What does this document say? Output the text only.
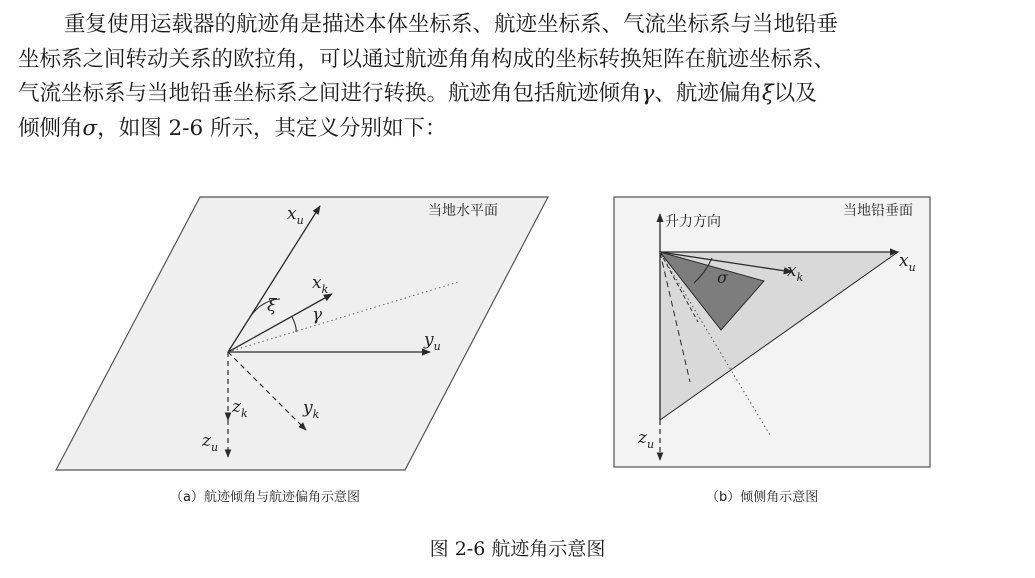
重复使用运载器的航迹角是描述本体坐标系、航迹坐标系、气流坐标系与当地铅垂
坐标系之间转动关系的欧拉角，可以通过航迹角角构成的坐标转换矩阵在航迹坐标系、
气流坐标系与当地铅垂坐标系之间进行转换。航迹角包括航迹倾角γ、航迹偏角ξ以及
倾侧角σ，如图 2-6 所示，其定义分别如下：
当地水平面
$x_u$
$x_k$
ξ γ
$y_u$
$y_k$
$z_k$
$z_u$
当地铅垂面
升力方向
$x_u$
$x_k$
σ
$z_u$
（a）航迹倾角与航迹偏角示意图	（b）倾侧角示意图
图 2-6 航迹角示意图
